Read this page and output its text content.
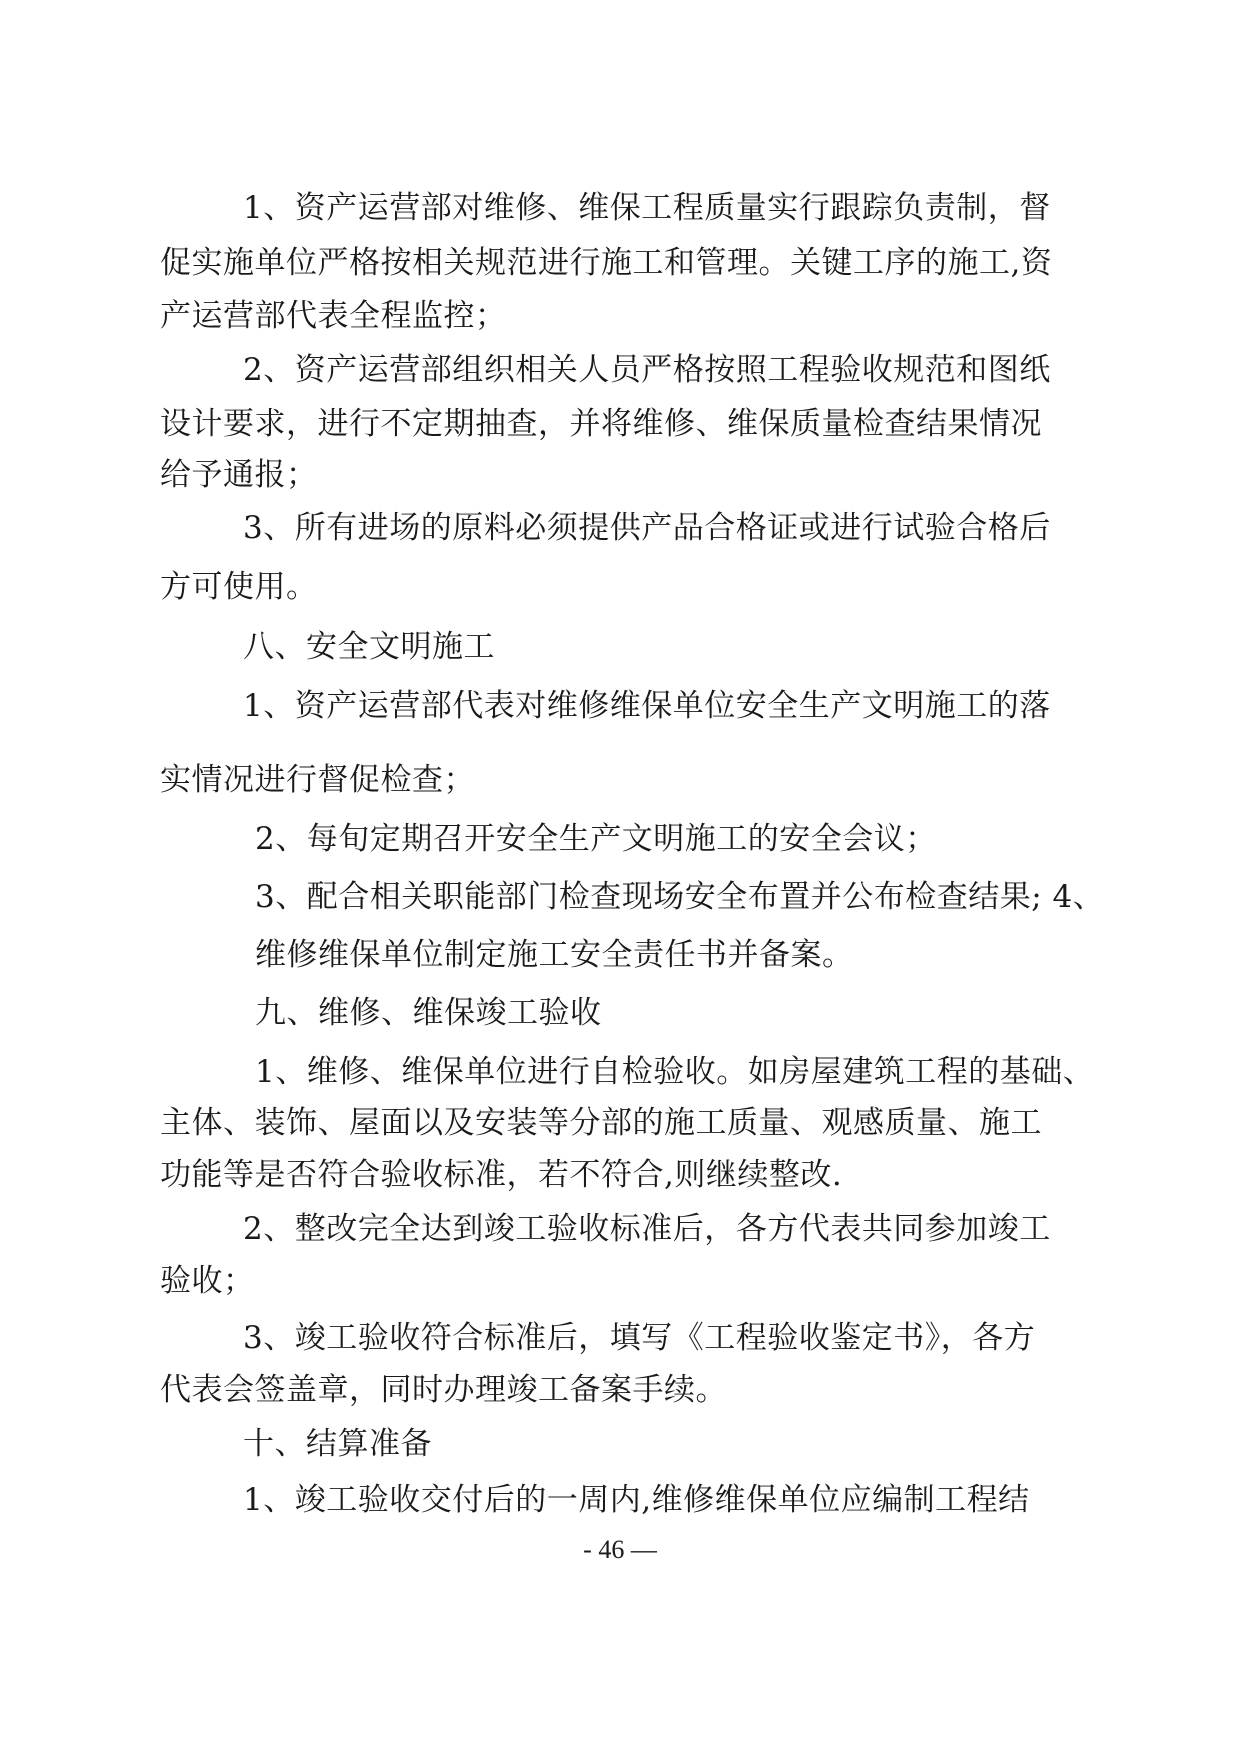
1、资产运营部对维修、维保工程质量实行跟踪负责制，督
促实施单位严格按相关规范进行施工和管理。关键工序的施工,资
产运营部代表全程监控；
2、资产运营部组织相关人员严格按照工程验收规范和图纸
设计要求，进行不定期抽查，并将维修、维保质量检查结果情况
给予通报；
3、所有进场的原料必须提供产品合格证或进行试验合格后
方可使用。
八、安全文明施工
1、资产运营部代表对维修维保单位安全生产文明施工的落
实情况进行督促检查；
2、每旬定期召开安全生产文明施工的安全会议；
3、配合相关职能部门检查现场安全布置并公布检查结果; 4、
维修维保单位制定施工安全责任书并备案。
九、维修、维保竣工验收
1、维修、维保单位进行自检验收。如房屋建筑工程的基础、
主体、装饰、屋面以及安装等分部的施工质量、观感质量、施工
功能等是否符合验收标准，若不符合,则继续整改.
2、整改完全达到竣工验收标准后，各方代表共同参加竣工
验收；
3、竣工验收符合标准后，填写《工程验收鉴定书》，各方
代表会签盖章，同时办理竣工备案手续。
十、结算准备
1、竣工验收交付后的一周内,维修维保单位应编制工程结
- 46 —
